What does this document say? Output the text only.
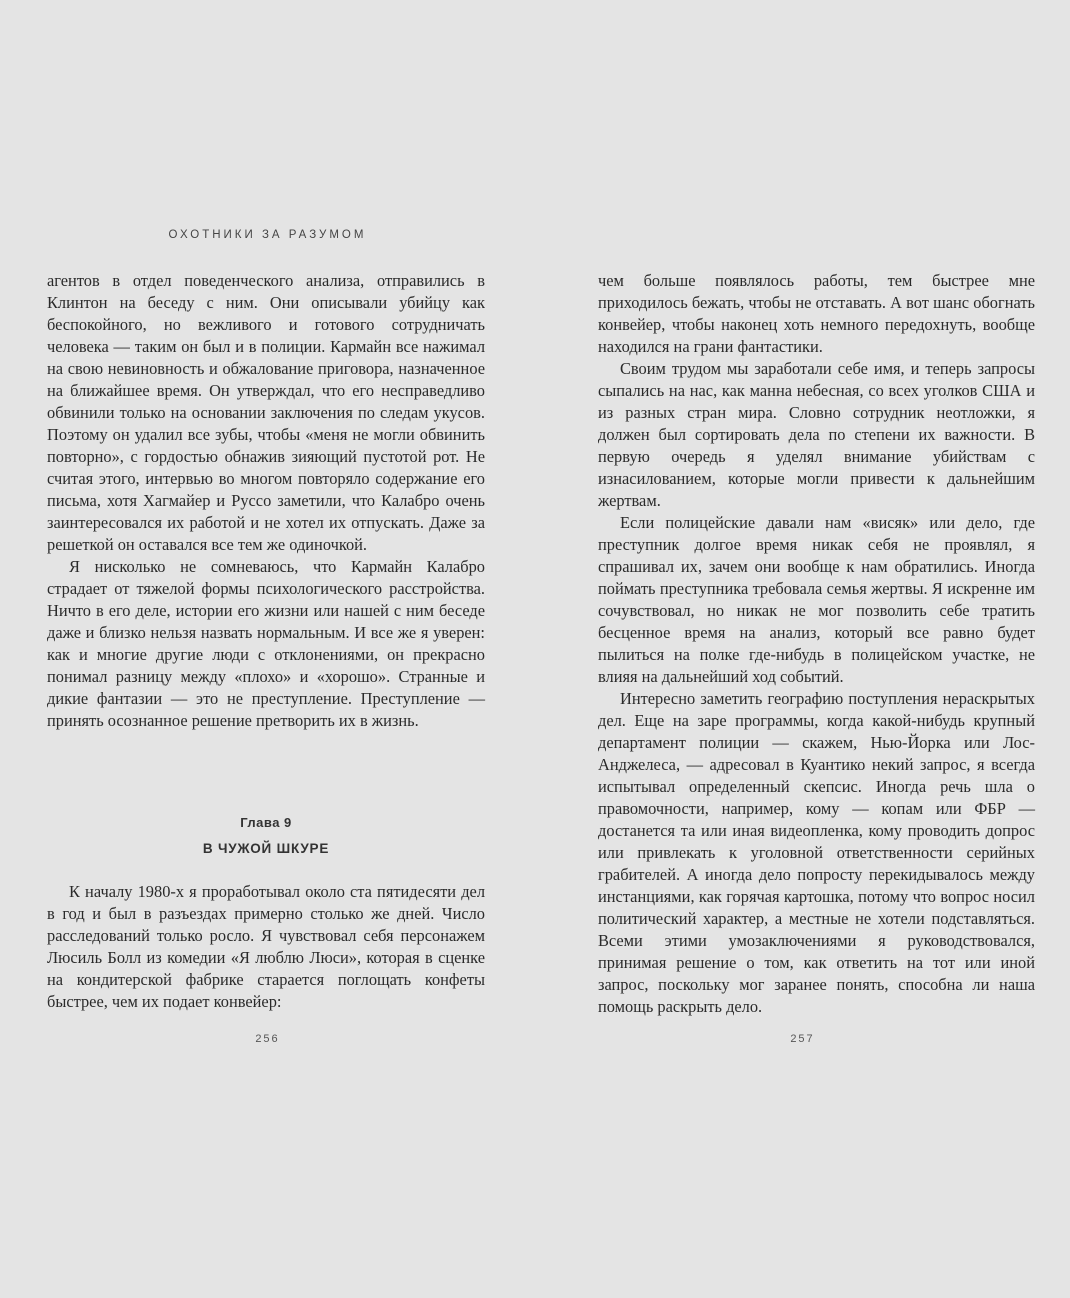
ОХОТНИКИ ЗА РАЗУМОМ

агентов в отдел поведенческого анализа, отправились в Клинтон на беседу с ним. Они описывали убийцу как беспокойного, но вежливого и готового сотрудничать человека — таким он был и в полиции. Кармайн все нажимал на свою невиновность и обжалование приговора, назначенное на ближайшее время. Он утверждал, что его несправедливо обвинили только на основании заключения по следам укусов. Поэтому он удалил все зубы, чтобы «меня не могли обвинить повторно», с гордостью обнажив зияющий пустотой рот. Не считая этого, интервью во многом повторяло содержание его письма, хотя Хагмайер и Руссо заметили, что Калабро очень заинтересовался их работой и не хотел их отпускать. Даже за решеткой он оставался все тем же одиночкой.

Я нисколько не сомневаюсь, что Кармайн Калабро страдает от тяжелой формы психологического расстройства. Ничто в его деле, истории его жизни или нашей с ним беседе даже и близко нельзя назвать нормальным. И все же я уверен: как и многие другие люди с отклонениями, он прекрасно понимал разницу между «плохо» и «хорошо». Странные и дикие фантазии — это не преступление. Преступление — принять осознанное решение претворить их в жизнь.

Глава 9
В ЧУЖОЙ ШКУРЕ

К началу 1980-х я проработывал около ста пятидесяти дел в год и был в разъездах примерно столько же дней. Число расследований только росло. Я чувствовал себя персонажем Люсиль Болл из комедии «Я люблю Люси», которая в сценке на кондитерской фабрике старается поглощать конфеты быстрее, чем их подает конвейер:

256

чем больше появлялось работы, тем быстрее мне приходилось бежать, чтобы не отставать. А вот шанс обогнать конвейер, чтобы наконец хоть немного передохнуть, вообще находился на грани фантастики.

Своим трудом мы заработали себе имя, и теперь запросы сыпались на нас, как манна небесная, со всех уголков США и из разных стран мира. Словно сотрудник неотложки, я должен был сортировать дела по степени их важности. В первую очередь я уделял внимание убийствам с изнасилованием, которые могли привести к дальнейшим жертвам.

Если полицейские давали нам «висяк» или дело, где преступник долгое время никак себя не проявлял, я спрашивал их, зачем они вообще к нам обратились. Иногда поймать преступника требовала семья жертвы. Я искренне им сочувствовал, но никак не мог позволить себе тратить бесценное время на анализ, который все равно будет пылиться на полке где-нибудь в полицейском участке, не влияя на дальнейший ход событий.

Интересно заметить географию поступления нераскрытых дел. Еще на заре программы, когда какой-нибудь крупный департамент полиции — скажем, Нью-Йорка или Лос-Анджелеса, — адресовал в Куантико некий запрос, я всегда испытывал определенный скепсис. Иногда речь шла о правомочности, например, кому — копам или ФБР — достанется та или иная видеопленка, кому проводить допрос или привлекать к уголовной ответственности серийных грабителей. А иногда дело попросту перекидывалось между инстанциями, как горячая картошка, потому что вопрос носил политический характер, а местные не хотели подставляться. Всеми этими умозаключениями я руководствовался, принимая решение о том, как ответить на тот или иной запрос, поскольку мог заранее понять, способна ли наша помощь раскрыть дело.

257
